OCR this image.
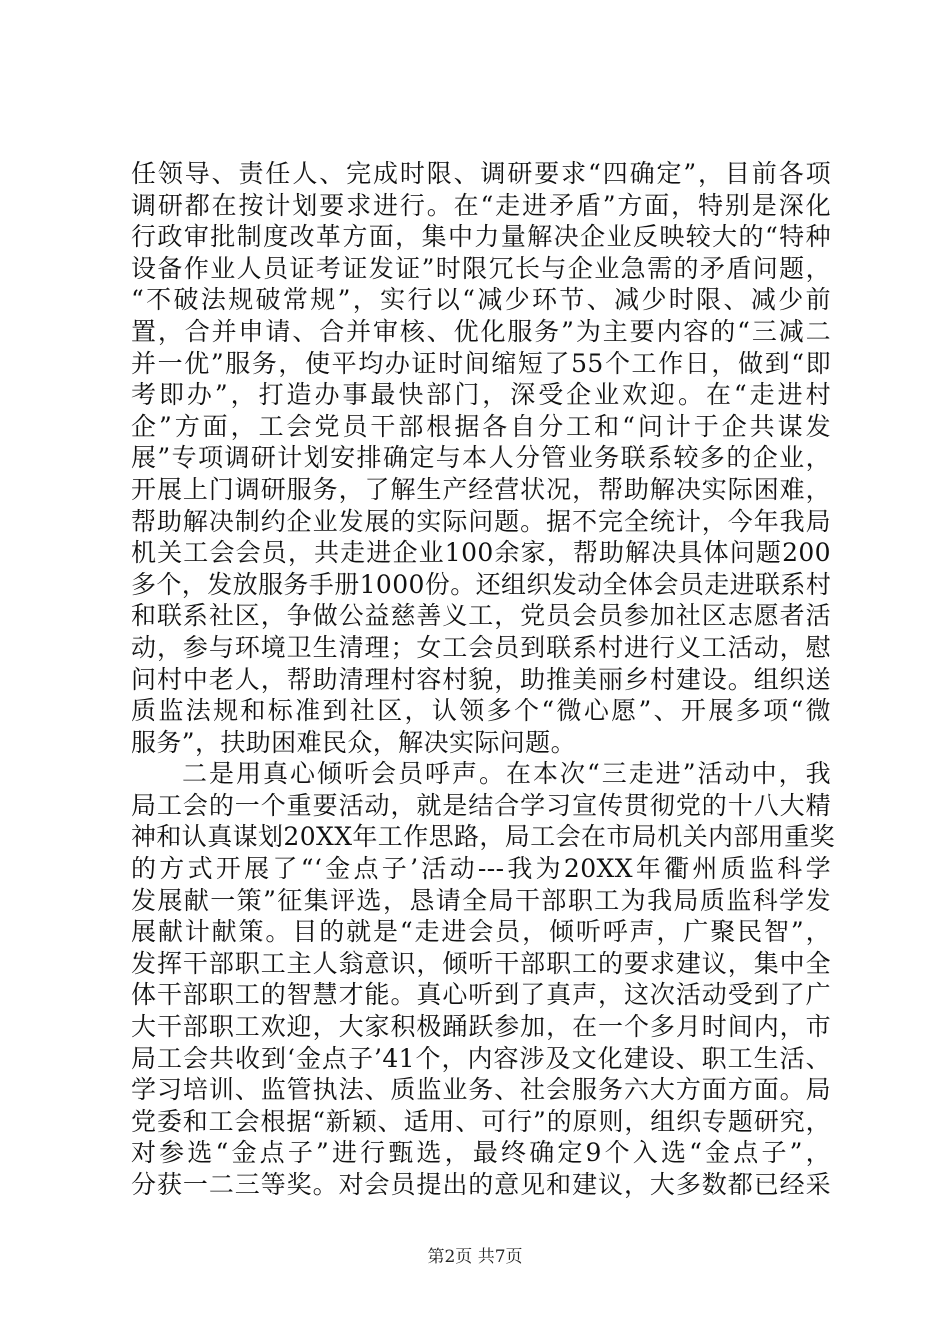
任领导、责任人、完成时限、调研要求“四确定”，目前各项
调研都在按计划要求进行。在“走进矛盾”方面，特别是深化
行政审批制度改革方面，集中力量解决企业反映较大的“特种
设备作业人员证考证发证”时限冗长与企业急需的矛盾问题，
“不破法规破常规”，实行以“减少环节、减少时限、减少前
置，合并申请、合并审核、优化服务”为主要内容的“三减二
并一优”服务，使平均办证时间缩短了55个工作日，做到“即
考即办”，打造办事最快部门，深受企业欢迎。在“走进村
企”方面，工会党员干部根据各自分工和“问计于企共谋发
展”专项调研计划安排确定与本人分管业务联系较多的企业，
开展上门调研服务，了解生产经营状况，帮助解决实际困难，
帮助解决制约企业发展的实际问题。据不完全统计，今年我局
机关工会会员，共走进企业100余家，帮助解决具体问题200
多个，发放服务手册1000份。还组织发动全体会员走进联系村
和联系社区，争做公益慈善义工，党员会员参加社区志愿者活
动，参与环境卫生清理；女工会员到联系村进行义工活动，慰
问村中老人，帮助清理村容村貌，助推美丽乡村建设。组织送
质监法规和标准到社区，认领多个“微心愿”、开展多项“微
服务”，扶助困难民众，解决实际问题。
二是用真心倾听会员呼声。在本次“三走进”活动中，我
局工会的一个重要活动，就是结合学习宣传贯彻党的十八大精
神和认真谋划20XX年工作思路，局工会在市局机关内部用重奖
的方式开展了“‘金点子’活动---我为20XX年衢州质监科学
发展献一策”征集评选，恳请全局干部职工为我局质监科学发
展献计献策。目的就是“走进会员，倾听呼声，广聚民智”，
发挥干部职工主人翁意识，倾听干部职工的要求建议，集中全
体干部职工的智慧才能。真心听到了真声，这次活动受到了广
大干部职工欢迎，大家积极踊跃参加，在一个多月时间内，市
局工会共收到‘金点子’41个，内容涉及文化建设、职工生活、
学习培训、监管执法、质监业务、社会服务六大方面方面。局
党委和工会根据“新颖、适用、可行”的原则，组织专题研究，
对参选“金点子”进行甄选，最终确定9个入选“金点子”，
分获一二三等奖。对会员提出的意见和建议，大多数都已经采
第2页 共7页
